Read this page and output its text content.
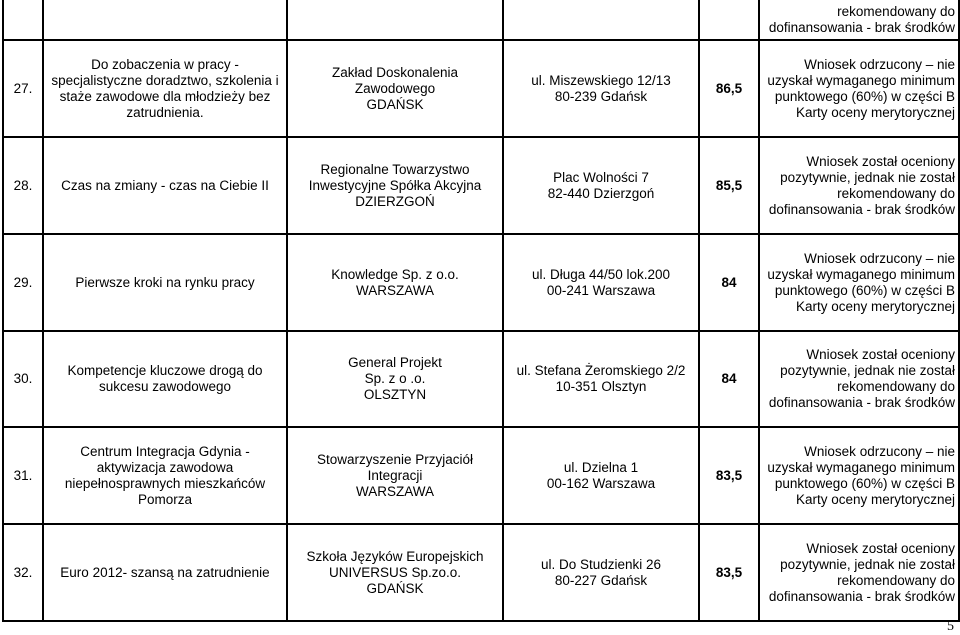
					rekomendowany do
dofinansowania - brak środków

27.	Do zobaczenia w pracy -
specjalistyczne doradztwo, szkolenia i
staże zawodowe dla młodzieży bez
zatrudnienia.	Zakład Doskonalenia Zawodowego
GDAŃSK	ul. Miszewskiego 12/13
80-239 Gdańsk	86,5	Wniosek odrzucony – nie
uzyskał wymaganego minimum
punktowego (60%) w części B
Karty oceny merytorycznej

28.	Czas na zmiany - czas na Ciebie II	Regionalne Towarzystwo
Inwestycyjne Spółka Akcyjna
DZIERZGOŃ	Plac Wolności 7
82-440 Dzierzgoń	85,5	Wniosek został oceniony
pozytywnie, jednak nie został
rekomendowany do
dofinansowania - brak środków

29.	Pierwsze kroki na rynku pracy	Knowledge Sp. z o.o.
WARSZAWA	ul. Długa 44/50 lok.200
00-241 Warszawa	84	Wniosek odrzucony – nie
uzyskał wymaganego minimum
punktowego (60%) w części B
Karty oceny merytorycznej

30.	Kompetencje kluczowe drogą do
sukcesu zawodowego	General Projekt
Sp. z o .o.
OLSZTYN	ul. Stefana Żeromskiego 2/2
10-351 Olsztyn	84	Wniosek został oceniony
pozytywnie, jednak nie został
rekomendowany do
dofinansowania - brak środków

31.	Centrum Integracja Gdynia -
aktywizacja zawodowa
niepełnosprawnych mieszkańców
Pomorza	Stowarzyszenie Przyjaciół
Integracji
WARSZAWA	ul. Dzielna 1
00-162 Warszawa	83,5	Wniosek odrzucony – nie
uzyskał wymaganego minimum
punktowego (60%) w części B
Karty oceny merytorycznej

32.	Euro 2012- szansą na zatrudnienie	Szkoła Języków Europejskich
UNIVERSUS Sp.zo.o.
GDAŃSK	ul. Do Studzienki 26
80-227 Gdańsk	83,5	Wniosek został oceniony
pozytywnie, jednak nie został
rekomendowany do
dofinansowania - brak środków
5
